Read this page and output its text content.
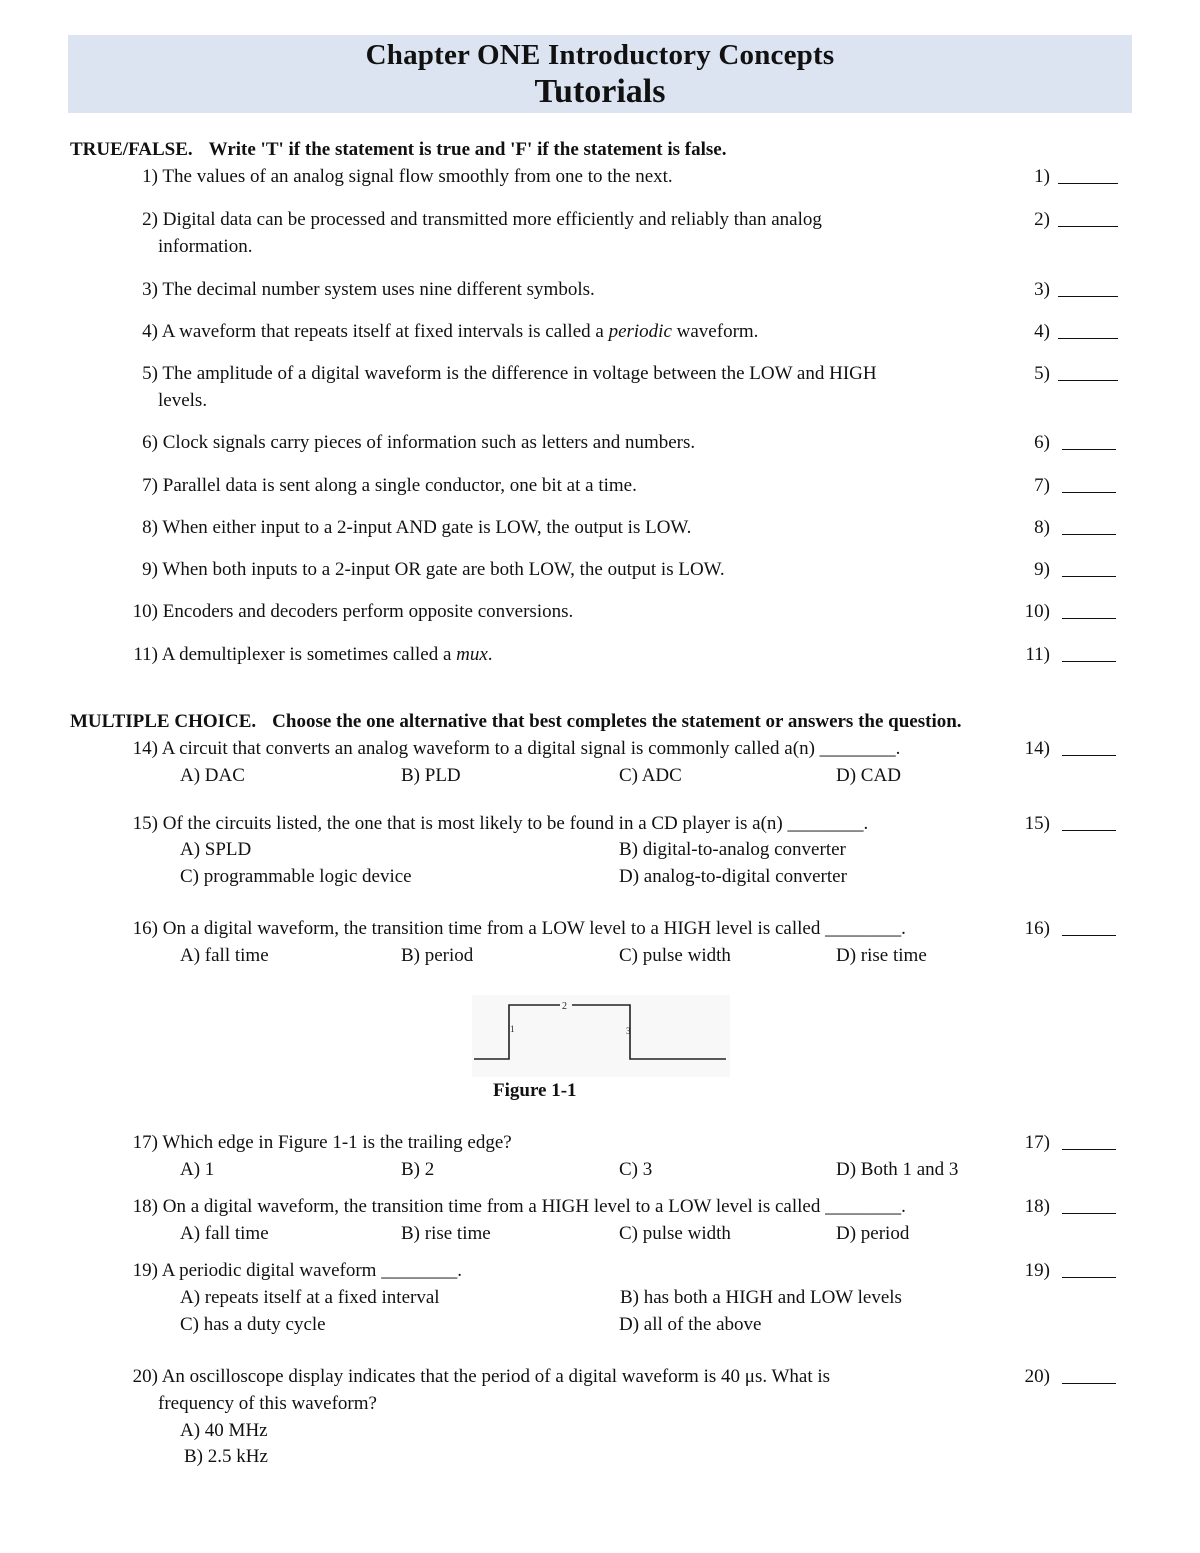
Chapter ONE Introductory Concepts
Tutorials
TRUE/FALSE. Write 'T' if the statement is true and 'F' if the statement is false.
1) The values of an analog signal flow smoothly from one to the next.	1)
2) Digital data can be processed and transmitted more efficiently and reliably than analog
information.
2)
3) The decimal number system uses nine different symbols.	3)
4) A waveform that repeats itself at fixed intervals is called a periodic waveform.	4)
5) The amplitude of a digital waveform is the difference in voltage between the LOW and HIGH
levels.
5)
6) Clock signals carry pieces of information such as letters and numbers.	6)
7) Parallel data is sent along a single conductor, one bit at a time.	7)
8) When either input to a 2-input AND gate is LOW, the output is LOW.	8)
9) When both inputs to a 2-input OR gate are both LOW, the output is LOW.	9)
10) Encoders and decoders perform opposite conversions.	10)
11) A demultiplexer is sometimes called a mux.	11)
MULTIPLE CHOICE. Choose the one alternative that best completes the statement or answers the question.
14) A circuit that converts an analog waveform to a digital signal is commonly called a(n) ________.	14)
A) DAC	B) PLD	C) ADC	D) CAD
15) Of the circuits listed, the one that is most likely to be found in a CD player is a(n) ________.	15)
A) SPLD	B) digital-to-analog converter
C) programmable logic device	D) analog-to-digital converter
16) On a digital waveform, the transition time from a LOW level to a HIGH level is called ________.	16)
A) fall time	B) period	C) pulse width	D) rise time
1
2
3
Figure 1-1
17) Which edge in Figure 1-1 is the trailing edge?	17)
A) 1	B) 2	C) 3	D) Both 1 and 3
18) On a digital waveform, the transition time from a HIGH level to a LOW level is called ________.	18)
A) fall time	B) rise time	C) pulse width	D) period
19) A periodic digital waveform ________.	19)
A) repeats itself at a fixed interval	B) has both a HIGH and LOW levels
C) has a duty cycle	D) all of the above
20) An oscilloscope display indicates that the period of a digital waveform is 40 μs. What is
frequency of this waveform?
20)
A) 40 MHz
B) 2.5 kHz
